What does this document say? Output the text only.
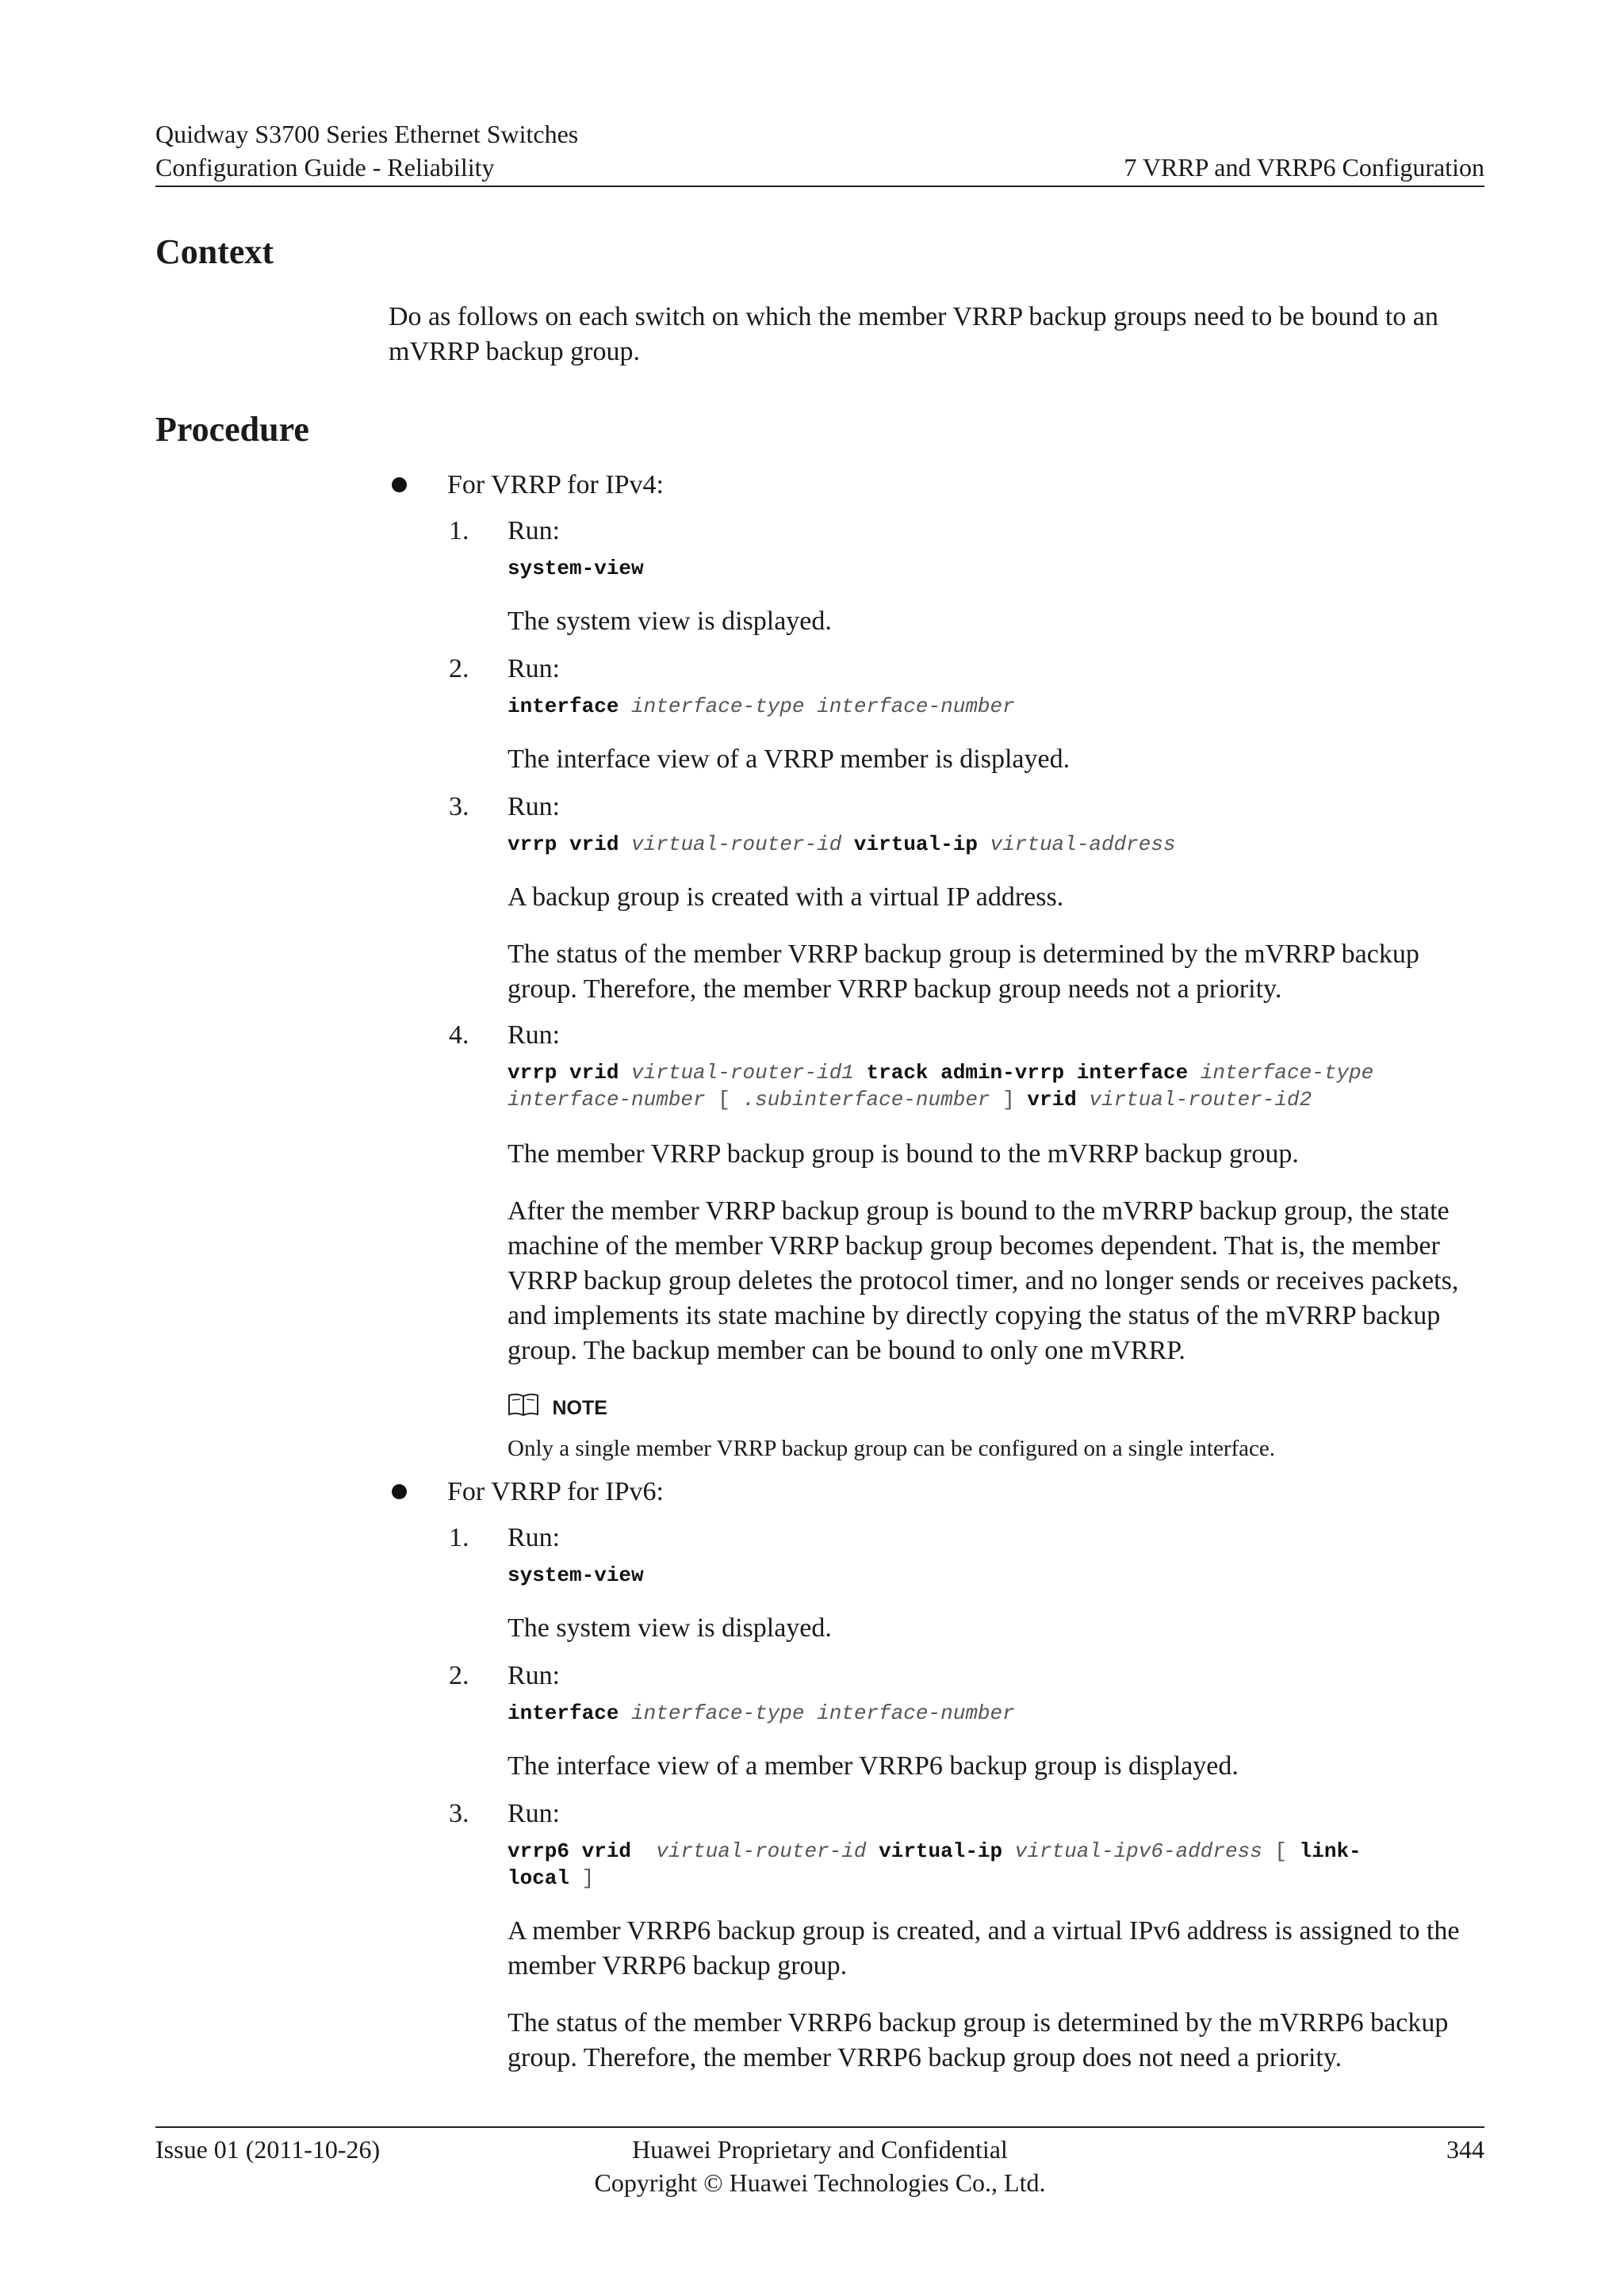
Quidway S3700 Series Ethernet Switches
Configuration Guide - Reliability	7 VRRP and VRRP6 Configuration
Context
Do as follows on each switch on which the member VRRP backup groups need to be bound to an mVRRP backup group.
Procedure
For VRRP for IPv4:
1. Run:
system-view
The system view is displayed.
2. Run:
interface interface-type interface-number
The interface view of a VRRP member is displayed.
3. Run:
vrrp vrid virtual-router-id virtual-ip virtual-address
A backup group is created with a virtual IP address.
The status of the member VRRP backup group is determined by the mVRRP backup group. Therefore, the member VRRP backup group needs not a priority.
4. Run:
vrrp vrid virtual-router-id1 track admin-vrrp interface interface-type
interface-number [ .subinterface-number ] vrid virtual-router-id2
The member VRRP backup group is bound to the mVRRP backup group.
After the member VRRP backup group is bound to the mVRRP backup group, the state machine of the member VRRP backup group becomes dependent. That is, the member VRRP backup group deletes the protocol timer, and no longer sends or receives packets, and implements its state machine by directly copying the status of the mVRRP backup group. The backup member can be bound to only one mVRRP.
NOTE
Only a single member VRRP backup group can be configured on a single interface.
For VRRP for IPv6:
1. Run:
system-view
The system view is displayed.
2. Run:
interface interface-type interface-number
The interface view of a member VRRP6 backup group is displayed.
3. Run:
vrrp6 vrid virtual-router-id virtual-ip virtual-ipv6-address [ link-
local ]
A member VRRP6 backup group is created, and a virtual IPv6 address is assigned to the member VRRP6 backup group.
The status of the member VRRP6 backup group is determined by the mVRRP6 backup group. Therefore, the member VRRP6 backup group does not need a priority.
Issue 01 (2011-10-26)	Huawei Proprietary and Confidential
Copyright © Huawei Technologies Co., Ltd.
344
